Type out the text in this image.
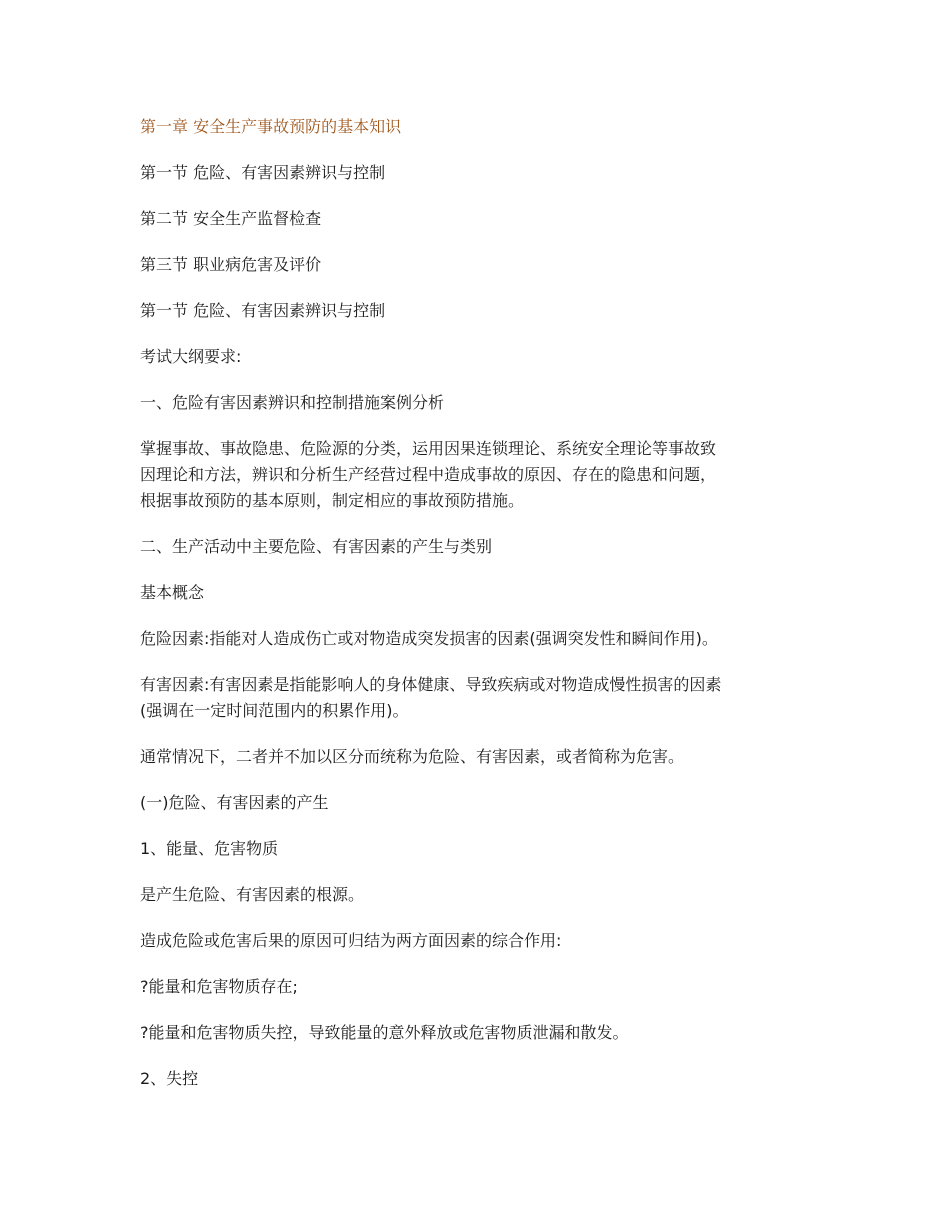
第一章 安全生产事故预防的基本知识

第一节 危险、有害因素辨识与控制

第二节 安全生产监督检查

第三节 职业病危害及评价

第一节 危险、有害因素辨识与控制

考试大纲要求:

一、危险有害因素辨识和控制措施案例分析

掌握事故、事故隐患、危险源的分类，运用因果连锁理论、系统安全理论等事故致
因理论和方法，辨识和分析生产经营过程中造成事故的原因、存在的隐患和问题，
根据事故预防的基本原则，制定相应的事故预防措施。

二、生产活动中主要危险、有害因素的产生与类别

基本概念

危险因素:指能对人造成伤亡或对物造成突发损害的因素(强调突发性和瞬间作用)。

有害因素:有害因素是指能影响人的身体健康、导致疾病或对物造成慢性损害的因素
(强调在一定时间范围内的积累作用)。

通常情况下，二者并不加以区分而统称为危险、有害因素，或者简称为危害。

(一)危险、有害因素的产生

1、能量、危害物质

是产生危险、有害因素的根源。

造成危险或危害后果的原因可归结为两方面因素的综合作用:

?能量和危害物质存在;

?能量和危害物质失控，导致能量的意外释放或危害物质泄漏和散发。

2、失控
